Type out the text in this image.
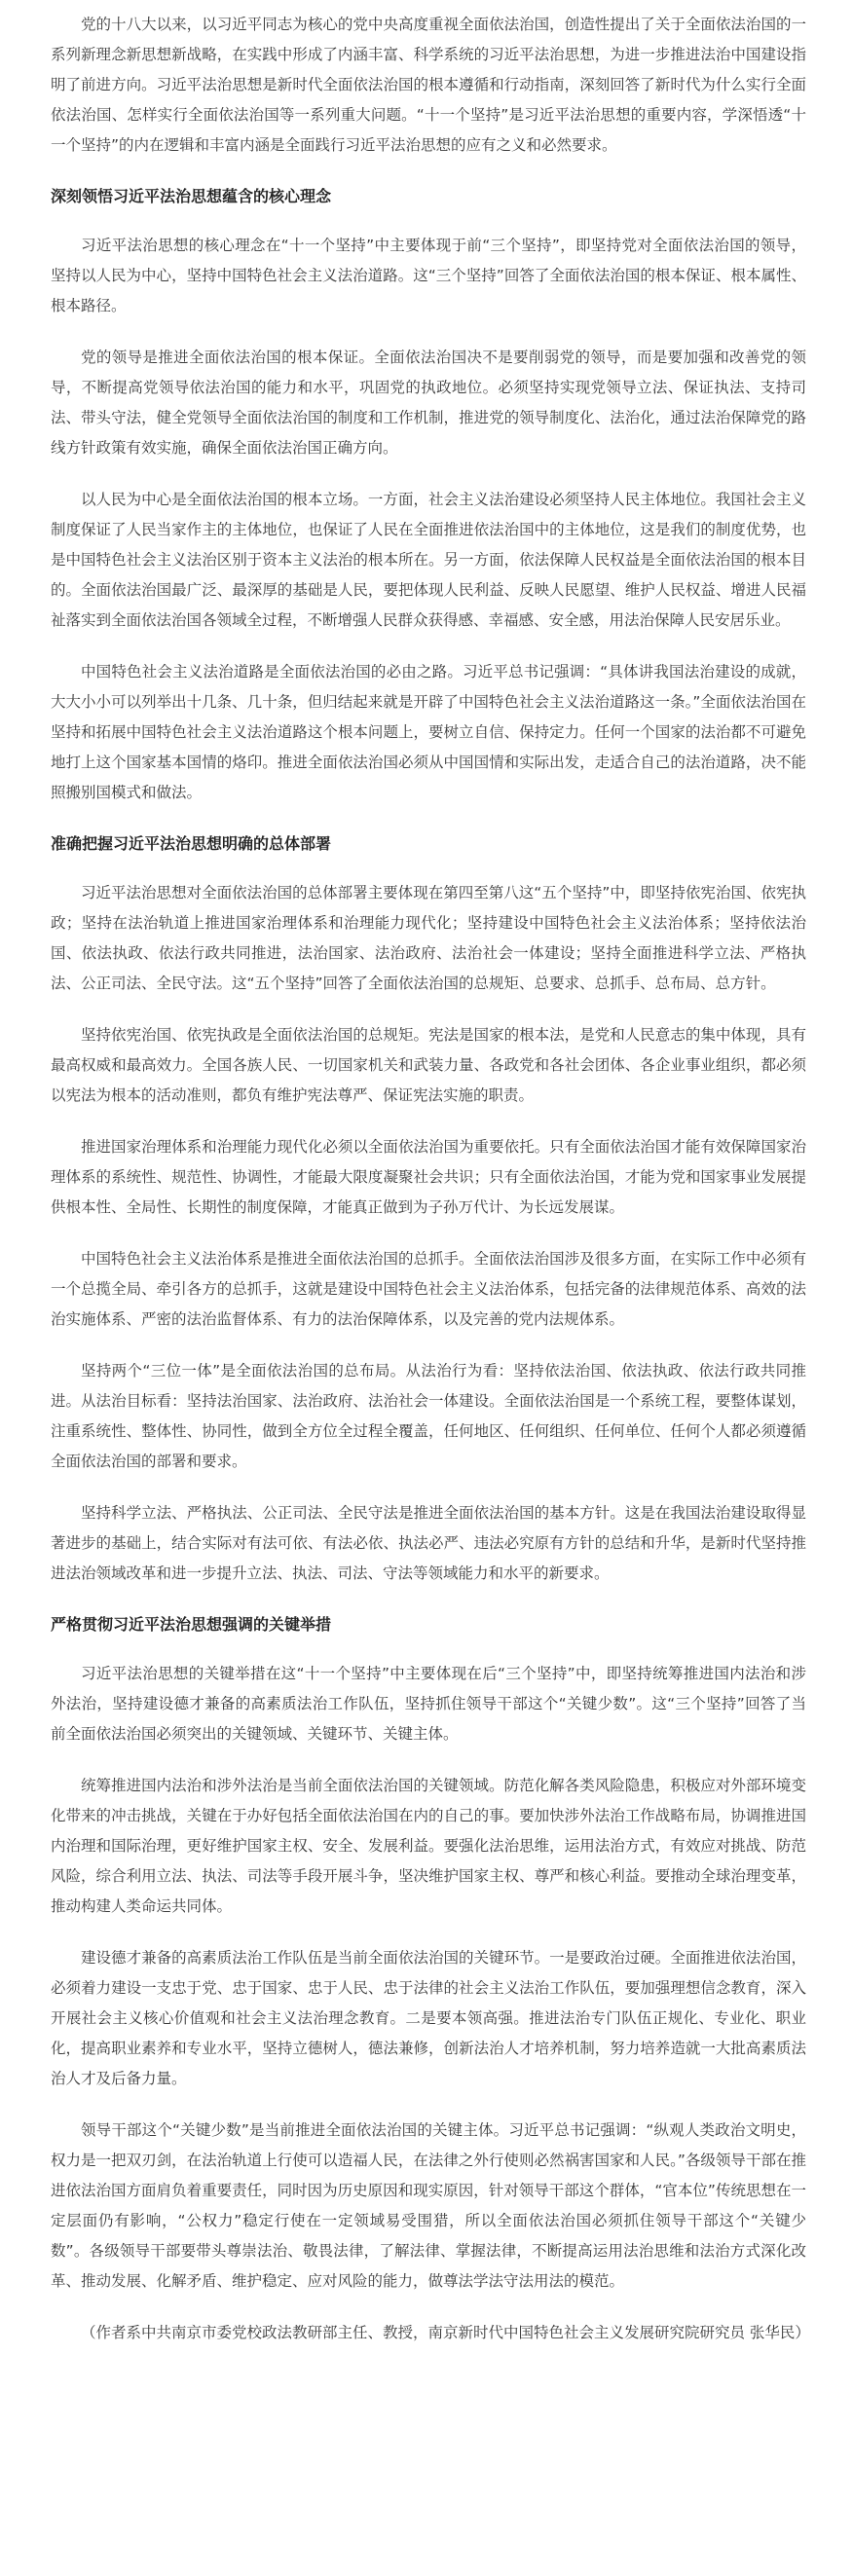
党的十八大以来，以习近平同志为核心的党中央高度重视全面依法治国，创造性提出了关于全面依法治国的一系列新理念新思想新战略，在实践中形成了内涵丰富、科学系统的习近平法治思想，为进一步推进法治中国建设指明了前进方向。习近平法治思想是新时代全面依法治国的根本遵循和行动指南，深刻回答了新时代为什么实行全面依法治国、怎样实行全面依法治国等一系列重大问题。“十一个坚持”是习近平法治思想的重要内容，学深悟透“十一个坚持”的内在逻辑和丰富内涵是全面践行习近平法治思想的应有之义和必然要求。

深刻领悟习近平法治思想蕴含的核心理念

习近平法治思想的核心理念在“十一个坚持”中主要体现于前“三个坚持”，即坚持党对全面依法治国的领导，坚持以人民为中心，坚持中国特色社会主义法治道路。这“三个坚持”回答了全面依法治国的根本保证、根本属性、根本路径。

党的领导是推进全面依法治国的根本保证。全面依法治国决不是要削弱党的领导，而是要加强和改善党的领导，不断提高党领导依法治国的能力和水平，巩固党的执政地位。必须坚持实现党领导立法、保证执法、支持司法、带头守法，健全党领导全面依法治国的制度和工作机制，推进党的领导制度化、法治化，通过法治保障党的路线方针政策有效实施，确保全面依法治国正确方向。

以人民为中心是全面依法治国的根本立场。一方面，社会主义法治建设必须坚持人民主体地位。我国社会主义制度保证了人民当家作主的主体地位，也保证了人民在全面推进依法治国中的主体地位，这是我们的制度优势，也是中国特色社会主义法治区别于资本主义法治的根本所在。另一方面，依法保障人民权益是全面依法治国的根本目的。全面依法治国最广泛、最深厚的基础是人民，要把体现人民利益、反映人民愿望、维护人民权益、增进人民福祉落实到全面依法治国各领域全过程，不断增强人民群众获得感、幸福感、安全感，用法治保障人民安居乐业。

中国特色社会主义法治道路是全面依法治国的必由之路。习近平总书记强调：“具体讲我国法治建设的成就，大大小小可以列举出十几条、几十条，但归结起来就是开辟了中国特色社会主义法治道路这一条。”全面依法治国在坚持和拓展中国特色社会主义法治道路这个根本问题上，要树立自信、保持定力。任何一个国家的法治都不可避免地打上这个国家基本国情的烙印。推进全面依法治国必须从中国国情和实际出发，走适合自己的法治道路，决不能照搬别国模式和做法。

准确把握习近平法治思想明确的总体部署

习近平法治思想对全面依法治国的总体部署主要体现在第四至第八这“五个坚持”中，即坚持依宪治国、依宪执政；坚持在法治轨道上推进国家治理体系和治理能力现代化；坚持建设中国特色社会主义法治体系；坚持依法治国、依法执政、依法行政共同推进，法治国家、法治政府、法治社会一体建设；坚持全面推进科学立法、严格执法、公正司法、全民守法。这“五个坚持”回答了全面依法治国的总规矩、总要求、总抓手、总布局、总方针。

坚持依宪治国、依宪执政是全面依法治国的总规矩。宪法是国家的根本法，是党和人民意志的集中体现，具有最高权威和最高效力。全国各族人民、一切国家机关和武装力量、各政党和各社会团体、各企业事业组织，都必须以宪法为根本的活动准则，都负有维护宪法尊严、保证宪法实施的职责。

推进国家治理体系和治理能力现代化必须以全面依法治国为重要依托。只有全面依法治国才能有效保障国家治理体系的系统性、规范性、协调性，才能最大限度凝聚社会共识；只有全面依法治国，才能为党和国家事业发展提供根本性、全局性、长期性的制度保障，才能真正做到为子孙万代计、为长远发展谋。

中国特色社会主义法治体系是推进全面依法治国的总抓手。全面依法治国涉及很多方面，在实际工作中必须有一个总揽全局、牵引各方的总抓手，这就是建设中国特色社会主义法治体系，包括完备的法律规范体系、高效的法治实施体系、严密的法治监督体系、有力的法治保障体系，以及完善的党内法规体系。

坚持两个“三位一体”是全面依法治国的总布局。从法治行为看：坚持依法治国、依法执政、依法行政共同推进。从法治目标看：坚持法治国家、法治政府、法治社会一体建设。全面依法治国是一个系统工程，要整体谋划，注重系统性、整体性、协同性，做到全方位全过程全覆盖，任何地区、任何组织、任何单位、任何个人都必须遵循全面依法治国的部署和要求。

坚持科学立法、严格执法、公正司法、全民守法是推进全面依法治国的基本方针。这是在我国法治建设取得显著进步的基础上，结合实际对有法可依、有法必依、执法必严、违法必究原有方针的总结和升华，是新时代坚持推进法治领域改革和进一步提升立法、执法、司法、守法等领域能力和水平的新要求。

严格贯彻习近平法治思想强调的关键举措

习近平法治思想的关键举措在这“十一个坚持”中主要体现在后“三个坚持”中，即坚持统筹推进国内法治和涉外法治，坚持建设德才兼备的高素质法治工作队伍，坚持抓住领导干部这个“关键少数”。这“三个坚持”回答了当前全面依法治国必须突出的关键领域、关键环节、关键主体。

统筹推进国内法治和涉外法治是当前全面依法治国的关键领域。防范化解各类风险隐患，积极应对外部环境变化带来的冲击挑战，关键在于办好包括全面依法治国在内的自己的事。要加快涉外法治工作战略布局，协调推进国内治理和国际治理，更好维护国家主权、安全、发展利益。要强化法治思维，运用法治方式，有效应对挑战、防范风险，综合利用立法、执法、司法等手段开展斗争，坚决维护国家主权、尊严和核心利益。要推动全球治理变革，推动构建人类命运共同体。

建设德才兼备的高素质法治工作队伍是当前全面依法治国的关键环节。一是要政治过硬。全面推进依法治国，必须着力建设一支忠于党、忠于国家、忠于人民、忠于法律的社会主义法治工作队伍，要加强理想信念教育，深入开展社会主义核心价值观和社会主义法治理念教育。二是要本领高强。推进法治专门队伍正规化、专业化、职业化，提高职业素养和专业水平，坚持立德树人，德法兼修，创新法治人才培养机制，努力培养造就一大批高素质法治人才及后备力量。

领导干部这个“关键少数”是当前推进全面依法治国的关键主体。习近平总书记强调：“纵观人类政治文明史，权力是一把双刃剑，在法治轨道上行使可以造福人民，在法律之外行使则必然祸害国家和人民。”各级领导干部在推进依法治国方面肩负着重要责任，同时因为历史原因和现实原因，针对领导干部这个群体，“官本位”传统思想在一定层面仍有影响，“公权力”稳定行使在一定领域易受围猎，所以全面依法治国必须抓住领导干部这个“关键少数”。各级领导干部要带头尊崇法治、敬畏法律，了解法律、掌握法律，不断提高运用法治思维和法治方式深化改革、推动发展、化解矛盾、维护稳定、应对风险的能力，做尊法学法守法用法的模范。

（作者系中共南京市委党校政法教研部主任、教授，南京新时代中国特色社会主义发展研究院研究员 张华民）
